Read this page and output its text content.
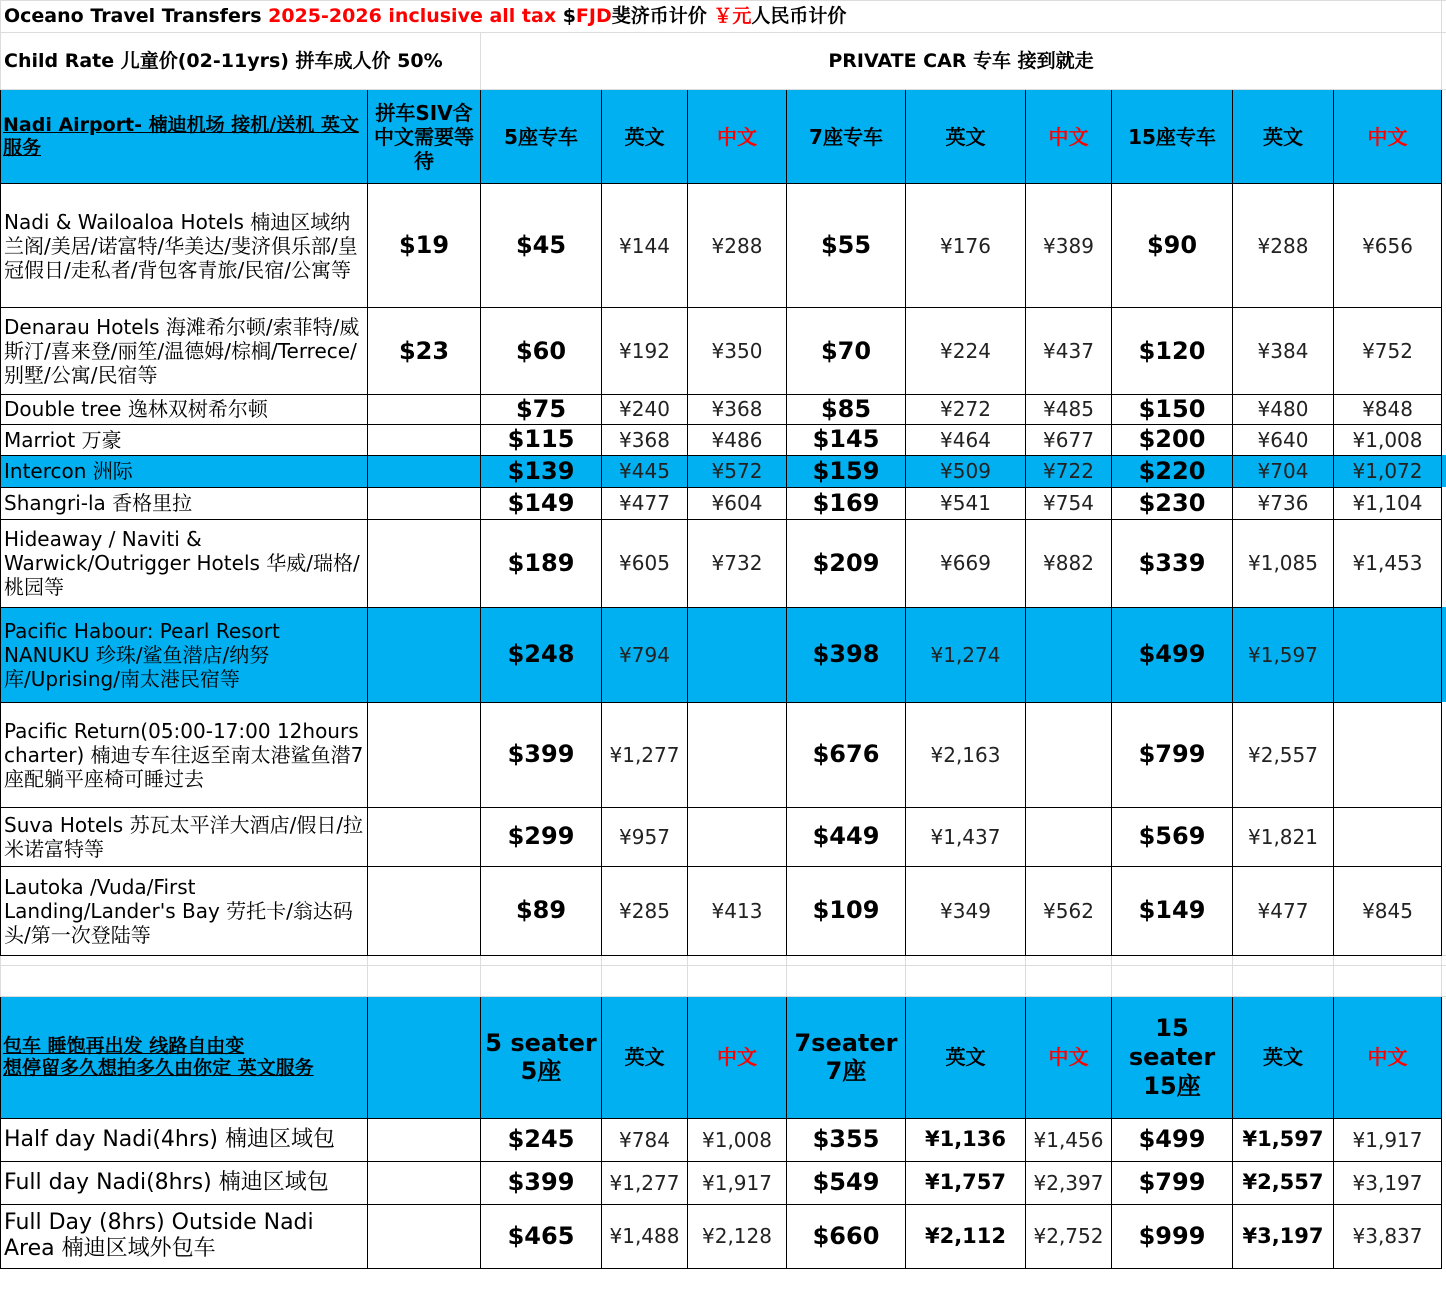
Oceano Travel Transfers 2025-2026 inclusive all tax $FJD斐济币计价 ￥元人民币计价											
Child Rate 儿童价(02-11yrs) 拼车成人价 50%		PRIVATE CAR 专车 接到就走									
Nadi Airport- 楠迪机场 接机/送机 英文服务	拼车SIV含中文需要等待	5座专车	英文	中文	7座专车	英文	中文	15座专车	英文	中文	
Nadi & Wailoaloa Hotels 楠迪区域纳兰阁/美居/诺富特/华美达/斐济俱乐部/皇冠假日/走私者/背包客青旅/民宿/公寓等	$19	$45	¥144	¥288	$55	¥176	¥389	$90	¥288	¥656	
Denarau Hotels 海滩希尔顿/索菲特/威斯汀/喜来登/丽笙/温德姆/棕榈/Terrece/别墅/公寓/民宿等	$23	$60	¥192	¥350	$70	¥224	¥437	$120	¥384	¥752	
Double tree 逸林双树希尔顿		$75	¥240	¥368	$85	¥272	¥485	$150	¥480	¥848	
Marriot 万豪		$115	¥368	¥486	$145	¥464	¥677	$200	¥640	¥1,008	
Intercon 洲际		$139	¥445	¥572	$159	¥509	¥722	$220	¥704	¥1,072	
Shangri-la 香格里拉		$149	¥477	¥604	$169	¥541	¥754	$230	¥736	¥1,104	
Hideaway / Naviti & Warwick/Outrigger Hotels 华威/瑞格/桃园等		$189	¥605	¥732	$209	¥669	¥882	$339	¥1,085	¥1,453	
Pacific Habour: Pearl Resort NANUKU 珍珠/鲨鱼潜店/纳努库/Uprising/南太港民宿等		$248	¥794		$398	¥1,274		$499	¥1,597		
Pacific Return(05:00-17:00 12hours charter) 楠迪专车往返至南太港鲨鱼潜7座配躺平座椅可睡过去		$399	¥1,277		$676	¥2,163		$799	¥2,557		
Suva Hotels 苏瓦太平洋大酒店/假日/拉米诺富特等		$299	¥957		$449	¥1,437		$569	¥1,821		
Lautoka /Vuda/First Landing/Lander's Bay 劳托卡/翁达码头/第一次登陆等		$89	¥285	¥413	$109	¥349	¥562	$149	¥477	¥845	

包车 睡饱再出发 线路自由变
想停留多久想拍多久由你定 英文服务		5 seater 5座	英文	中文	7seater 7座	英文	中文	15 seater 15座	英文	中文	
Half day Nadi(4hrs) 楠迪区域包		$245	¥784	¥1,008	$355	¥1,136	¥1,456	$499	¥1,597	¥1,917	
Full day Nadi(8hrs) 楠迪区域包		$399	¥1,277	¥1,917	$549	¥1,757	¥2,397	$799	¥2,557	¥3,197	
Full Day (8hrs) Outside Nadi Area 楠迪区域外包车		$465	¥1,488	¥2,128	$660	¥2,112	¥2,752	$999	¥3,197	¥3,837	
